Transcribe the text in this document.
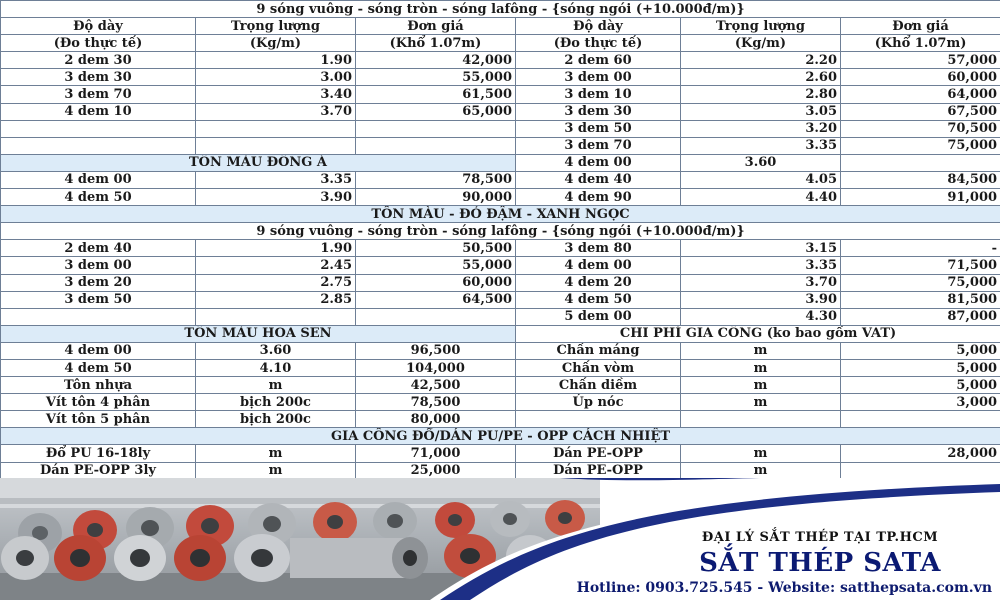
9 sóng vuông - sóng tròn - sóng lafông - {sóng ngói (+10.000đ/m)}					
Độ dày	Trọng lượng	Đơn giá	Độ dày	Trọng lượng	Đơn giá
(Đo thực tế)	(Kg/m)	(Khổ 1.07m)	(Đo thực tế)	(Kg/m)	(Khổ 1.07m)
2 dem 30	1.90	42,000	2 dem 60	2.20	57,000
3 dem 30	3.00	55,000	3 dem 00	2.60	60,000
3 dem 70	3.40	61,500	3 dem 10	2.80	64,000
4 dem 10	3.70	65,000	3 dem 30	3.05	67,500
			3 dem 50	3.20	70,500
			3 dem 70	3.35	75,000
TÔN MÀU ĐÔNG Á			4 dem 00	3.60	
4 dem 00	3.35	78,500	4 dem 40	4.05	84,500
4 dem 50	3.90	90,000	4 dem 90	4.40	91,000
TÔN MÀU - ĐỎ ĐẬM - XANH NGỌC					
9 sóng vuông - sóng tròn - sóng lafông - {sóng ngói (+10.000đ/m)}					
2 dem 40	1.90	50,500	3 dem 80	3.15	-
3 dem 00	2.45	55,000	4 dem 00	3.35	71,500
3 dem 20	2.75	60,000	4 dem 20	3.70	75,000
3 dem 50	2.85	64,500	4 dem 50	3.90	81,500
			5 dem 00	4.30	87,000
TÔN MÀU HOA SEN			CHI PHÍ GIA CÔNG (ko bao gồm VAT)		
4 dem 00	3.60	96,500	Chấn máng	m	5,000
4 dem 50	4.10	104,000	Chấn vòm	m	5,000
Tôn nhựa	m	42,500	Chấn diềm	m	5,000
Vít tôn 4 phân	bịch 200c	78,500	Úp nóc	m	3,000
Vít tôn 5 phân	bịch 200c	80,000			
GIA CÔNG ĐỔ/DÁN PU/PE - OPP CÁCH NHIỆT					
Đổ PU 16-18ly	m	71,000	Dán PE-OPP	m	28,000
Dán PE-OPP 3ly	m	25,000	Dán PE-OPP	m	
ĐẠI LÝ SẮT THÉP TẠI TP.HCM
SẮT THÉP SATA
Hotline: 0903.725.545 - Website: satthepsata.com.vn
